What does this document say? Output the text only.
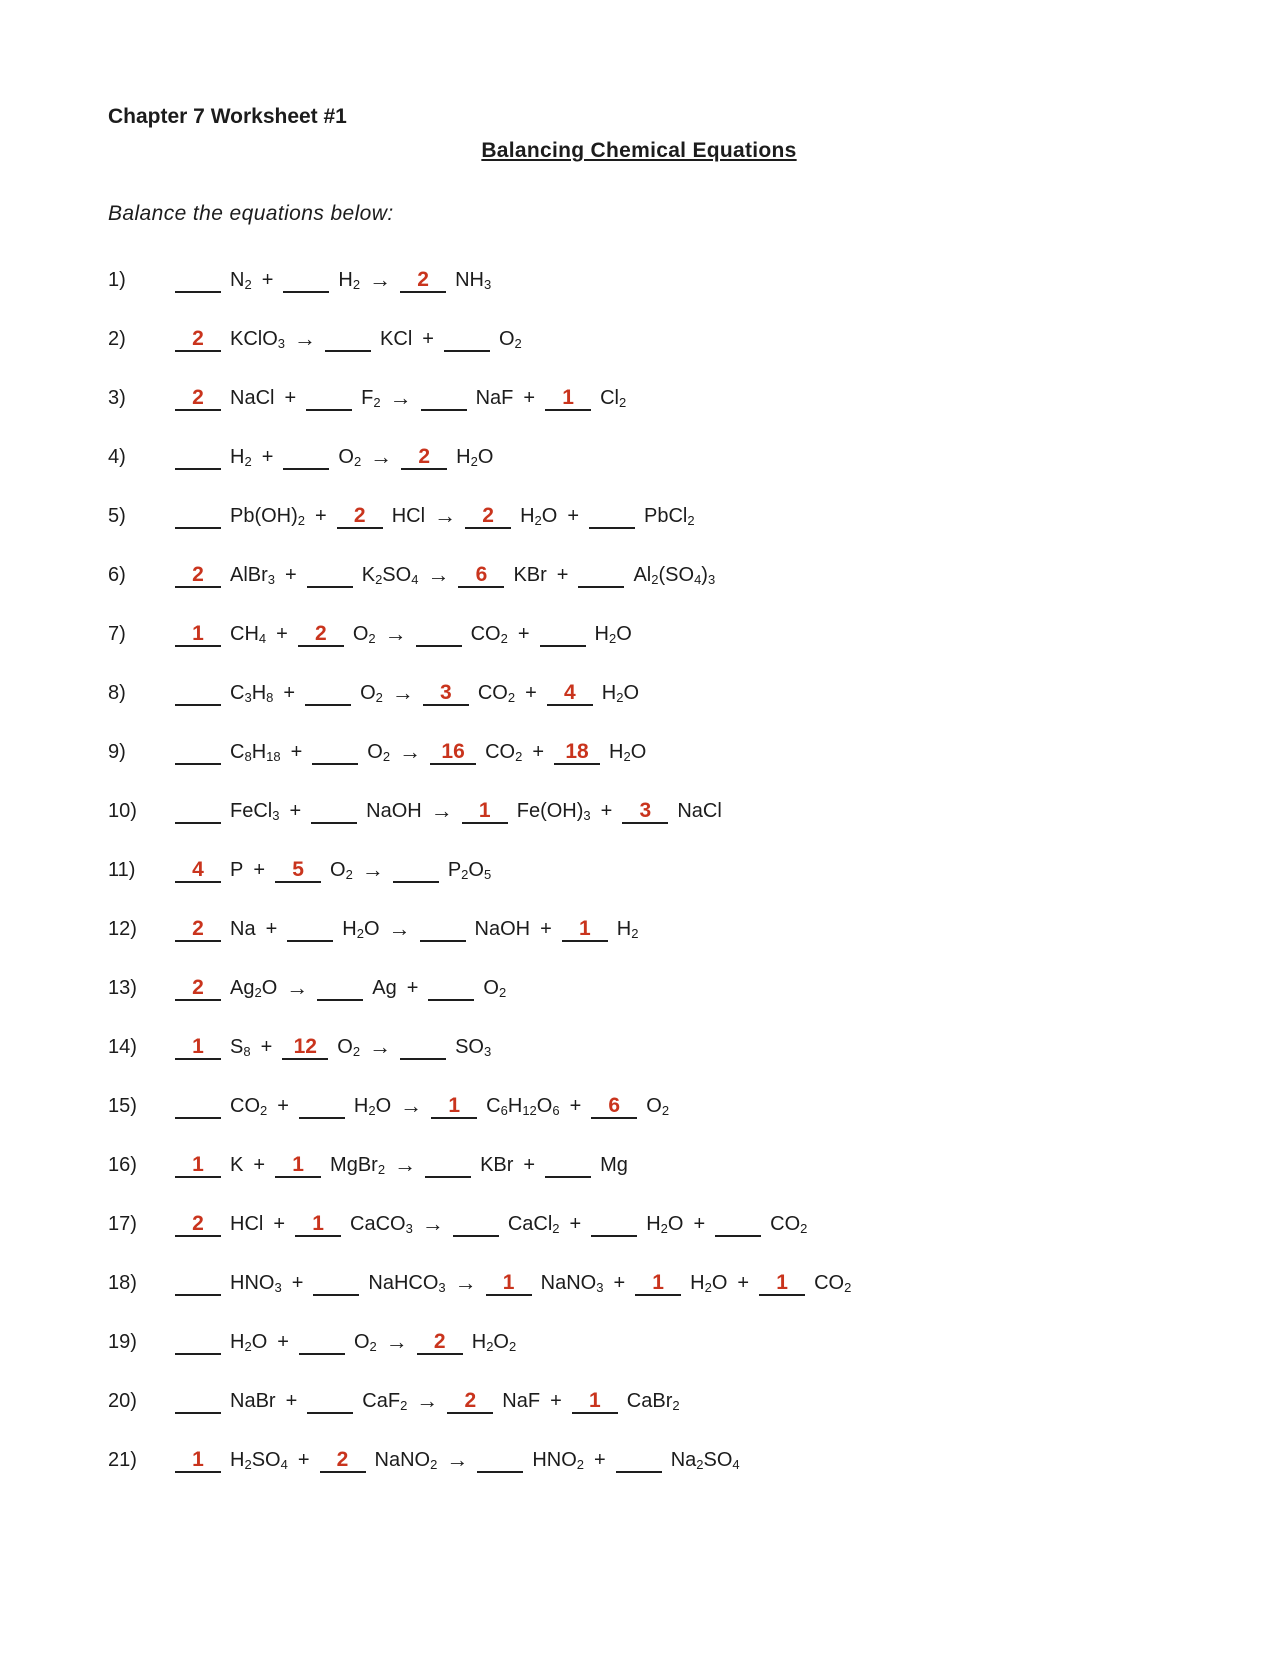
Chapter 7 Worksheet #1
Balancing Chemical Equations
Balance the equations below:
1)
	$N_2$ +
	$H_2$ →	2	$NH_3$
2)	2	KClO$_3$ →
	KCl +
	$O_2$
3)	2	NaCl +
	$F_2$ →
	NaF +	1	$Cl_2$
4)
	$H_2$ +
	$O_2$ →	2	$H_2O$
5)
	$Pb(OH)_2$ +	2	HCl →	2	$H_2O$ +
	PbCl$_2$
6)	2	AlBr$_3$ +
	$K_2SO_4$ →	6	KBr +
	$Al_2(SO_4)_3$
7)	1	$CH_4$ +	2	$O_2$ →
	$CO_2$ +
	$H_2O$
8)
	$C_3H_8$ +
	$O_2$ →	3	$CO_2$ +	4	$H_2O$
9)
	$C_8H_{18}$ +
	$O_2 \to 16$	$CO_2$ +	18	$H_2O$
10)
	FeCl$_3$ +
	NaOH →	1	$Fe(OH)_3$ +	3	NaCl
11)	4	P +	5	$O_2$ →
	$P_2O_5$
12)	2	Na +
	$H_2O$ →
	NaOH +	1	$H_2$
13)	2	$Ag_2O$ →
	Ag +
	$O_2$
14)	1	$S_8$ +	12	$O_2$ →
	$SO_3$
15)
	$CO_2$ +
	$H_2O$ →	1	$C_6H_{12}O_6$ +	6	$O_2$
16)	1	K +	1	MgBr$_2$ →
	KBr +
	Mg
17)	2	HCl +	1	CaCO$_3$ →
	CaCl$_2$ +
	$H_2O$ +
	$CO_2$
18)
	$HNO_3$ +
	NaHCO$_3$ →	1	NaNO$_3$ +	1	$H_2O$ +	1	$CO_2$
19)
	$H_2O$ +
	$O_2$ →	2	$H_2O_2$
20)
	NaBr +
	CaF$_2$ →	2	NaF +	1	CaBr$_2$
21)	1	$H_2SO_4$ +	2	NaNO$_2$ →
	$HNO_2$ +
	$Na_2SO_4$
